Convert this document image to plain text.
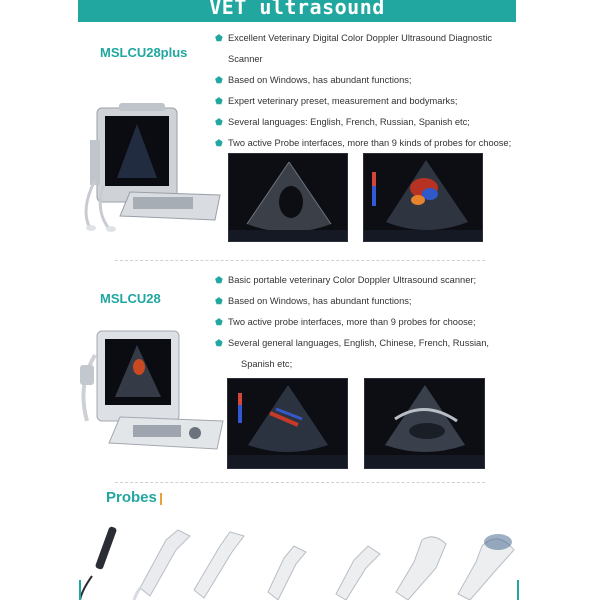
VET ultrasound
MSLCU28plus
⬟ Excellent Veterinary Digital Color Doppler Ultrasound Diagnostic
Scanner
⬟ Based on Windows, has abundant functions;
⬟ Expert veterinary preset, measurement and bodymarks;
⬟ Several languages: English, French, Russian, Spanish etc;
⬟ Two active Probe interfaces, more than 9 kinds of probes for choose;
MSLCU28
⬟ Basic portable veterinary Color Doppler Ultrasound scanner;
⬟ Based on Windows, has abundant functions;
⬟ Two active probe interfaces, more than 9 probes for choose;
⬟ Several general languages, English, Chinese, French, Russian,
Spanish etc;
Probes
